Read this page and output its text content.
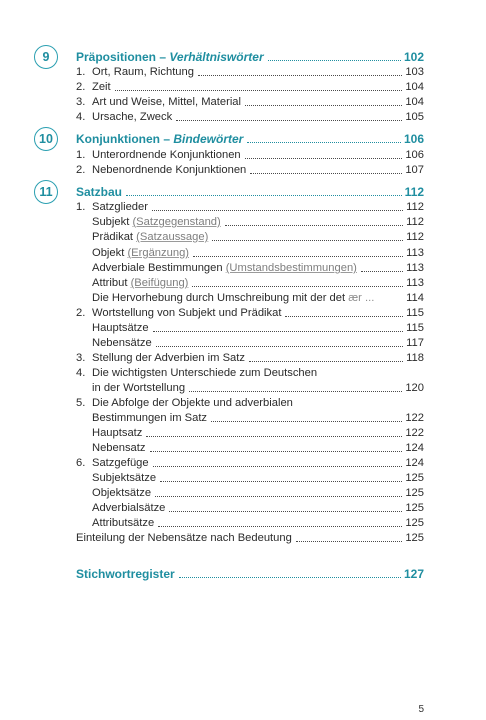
9 Präpositionen – Verhältniswörter	102
1. Ort, Raum, Richtung	103
2. Zeit	104
3. Art und Weise, Mittel, Material	104
4. Ursache, Zweck	105
10 Konjunktionen – Bindewörter	106
1. Unterordnende Konjunktionen	106
2. Nebenordnende Konjunktionen	107
11 Satzbau	112
1. Satzglieder	112
Subjekt (Satzgegenstand)	112
Prädikat (Satzaussage)	112
Objekt (Ergänzung)	113
Adverbiale Bestimmungen (Umstandsbestimmungen)	113
Attribut (Beifügung)	113
Die Hervorhebung durch Umschreibung mit der det ær ...	114
2. Wortstellung von Subjekt und Prädikat	115
Hauptsätze	115
Nebensätze	117
3. Stellung der Adverbien im Satz	118
4. Die wichtigsten Unterschiede zum Deutschen
in der Wortstellung	120
5. Die Abfolge der Objekte und adverbialen
Bestimmungen im Satz	122
Hauptsatz	122
Nebensatz	124
6. Satzgefüge	124
Subjektsätze	125
Objektsätze	125
Adverbialsätze	125
Attributsätze	125
Einteilung der Nebensätze nach Bedeutung	125
Stichwortregister	127
5
